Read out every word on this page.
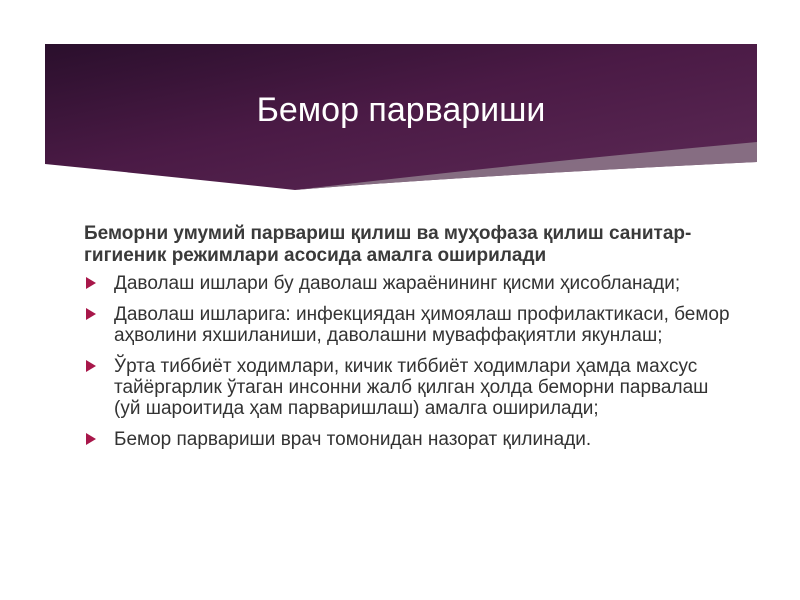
Бемор парвариши

Беморни умумий парвариш қилиш ва муҳофаза қилиш санитар-гигиеник режимлари асосида амалга оширилади

Даволаш ишлари бу даволаш жараёнининг қисми ҳисобланади;
Даволаш ишларига: инфекциядан ҳимоялаш профилактикаси, бемор аҳволини яхшиланиши, даволашни муваффақиятли якунлаш;
Ўрта тиббиёт ходимлари, кичик тиббиёт ходимлари ҳамда махсус тайёргарлик ўтаган инсонни жалб қилган ҳолда беморни парвалаш (уй шароитида ҳам парваришлаш) амалга оширилади;
Бемор парвариши врач томонидан назорат қилинади.
